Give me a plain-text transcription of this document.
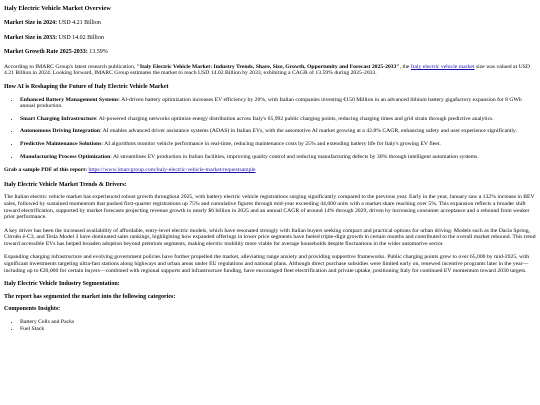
Italy Electric Vehicle Market Overview
Market Size in 2024: USD 4.21 Billion
Market Size in 2033: USD 14.02 Billion
Market Growth Rate 2025-2033: 13.59%

According to IMARC Group's latest research publication, "Italy Electric Vehicle Market: Industry Trends, Share, Size, Growth, Opportunity and Forecast 2025-2033", the Italy electric vehicle market size was valued at USD 4.21 Billion in 2024. Looking forward, IMARC Group estimates the market to reach USD 14.02 Billion by 2033, exhibiting a CAGR of 13.59% during 2025-2033.

How AI is Reshaping the Future of Italy Electric Vehicle Market
• Enhanced Battery Management Systems: AI-driven battery optimization increases EV efficiency by 20%, with Italian companies investing €150 Million in an advanced lithium battery gigafactory expansion for 8 GWh annual production.
• Smart Charging Infrastructure: AI-powered charging networks optimize energy distribution across Italy's 65,992 public charging points, reducing charging times and grid strain through predictive analytics.
• Autonomous Driving Integration: AI enables advanced driver assistance systems (ADAS) in Italian EVs, with the automotive AI market growing at a 42.8% CAGR, enhancing safety and user experience significantly.
• Predictive Maintenance Solutions: AI algorithms monitor vehicle performance in real-time, reducing maintenance costs by 25% and extending battery life for Italy's growing EV fleet.
• Manufacturing Process Optimization: AI streamlines EV production in Italian facilities, improving quality control and reducing manufacturing defects by 30% through intelligent automation systems.
Grab a sample PDF of this report: https://www.imarcgroup.com/italy-electric-vehicle-market/requestsample
Italy Electric Vehicle Market Trends & Drivers:

The Italian electric vehicle market has experienced robust growth throughout 2025, with battery electric vehicle registrations surging significantly compared to the previous year. Early in the year, January saw a 132% increase in BEV sales, followed by sustained momentum that pushed first-quarter registrations up 75% and cumulative figures through mid-year exceeding 44,000 units with a market share reaching over 5%. This expansion reflects a broader shift toward electrification, supported by market forecasts projecting revenue growth to nearly $6 billion in 2025 and an annual CAGR of around 14% through 2029, driven by increasing consumer acceptance and a rebound from weaker prior performance.

A key driver has been the increased availability of affordable, entry-level electric models, which have resonated strongly with Italian buyers seeking compact and practical options for urban driving. Models such as the Dacia Spring, Citroën ë-C3, and Tesla Model 3 have dominated sales rankings, highlighting how expanded offerings in lower price segments have fueled triple-digit growth in certain months and contributed to the overall market rebound. This trend toward accessible EVs has helped broaden adoption beyond premium segments, making electric mobility more viable for average households despite fluctuations in the wider automotive sector.

Expanding charging infrastructure and evolving government policies have further propelled the market, alleviating range anxiety and providing supportive frameworks. Public charging points grew to over 65,000 by mid-2025, with significant investments targeting ultra-fast stations along highways and urban areas under EU regulations and national plans. Although direct purchase subsidies were limited early on, renewed incentive programs later in the year— including up to €20,000 for certain buyers—combined with regional supports and infrastructure funding, have encouraged fleet electrification and private uptake, positioning Italy for continued EV momentum toward 2030 targets.

Italy Electric Vehicle Industry Segmentation:
The report has segmented the market into the following categories:
Components Insights:
• Battery Cells and Packs
• Fuel Stack
